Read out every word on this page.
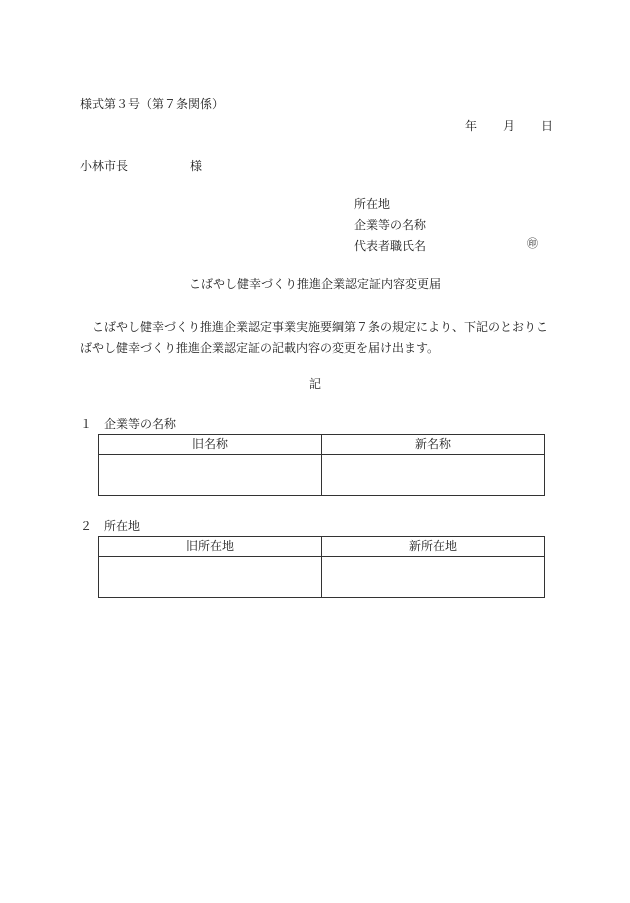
様式第３号（第７条関係）
年 月 日
小林市長	様
所在地
企業等の名称
代表者職氏名	㊞
こばやし健幸づくり推進企業認定証内容変更届
　こばやし健幸づくり推進企業認定事業実施要綱第７条の規定により、下記のとおりこばやし健幸づくり推進企業認定証の記載内容の変更を届け出ます。
記
１ 企業等の名称
旧名称	新名称

２ 所在地
旧所在地	新所在地
